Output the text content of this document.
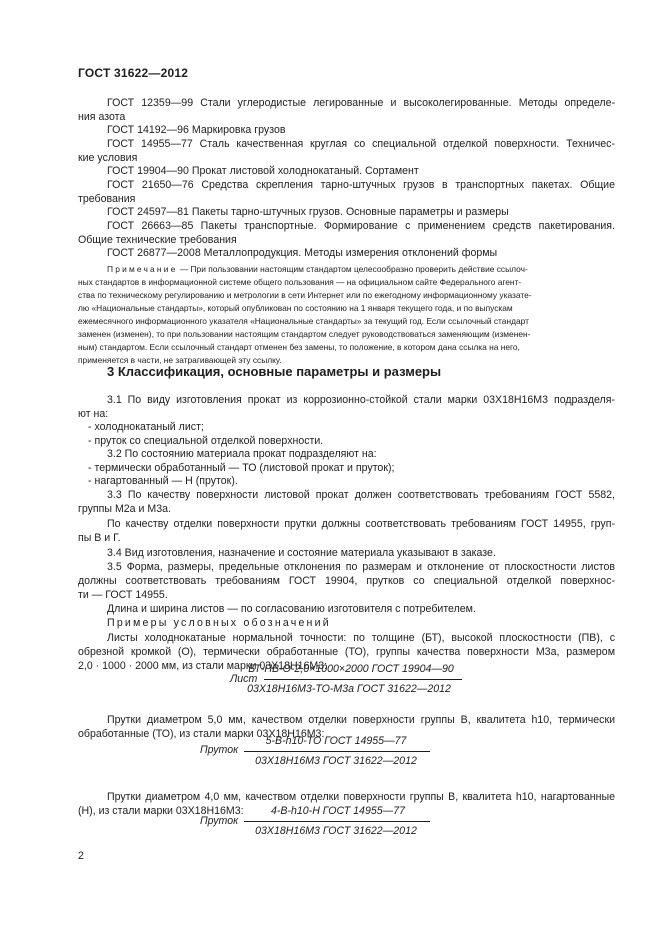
ГОСТ 31622—2012
ГОСТ 12359—99 Стали углеродистые легированные и высоколегированные. Методы определе-
ния азота
ГОСТ 14192—96 Маркировка грузов
ГОСТ 14955—77 Сталь качественная круглая со специальной отделкой поверхности. Техничес-
кие условия
ГОСТ 19904—90 Прокат листовой холоднокатаный. Сортамент
ГОСТ 21650—76 Средства скрепления тарно-штучных грузов в транспортных пакетах. Общие
требования
ГОСТ 24597—81 Пакеты тарно-штучных грузов. Основные параметры и размеры
ГОСТ 26663—85 Пакеты транспортные. Формирование с применением средств пакетирования.
Общие технические требования
ГОСТ 26877—2008 Металлопродукция. Методы измерения отклонений формы
Примечание — При пользовании настоящим стандартом целесообразно проверить действие ссылоч-
ных стандартов в информационной системе общего пользования — на официальном сайте Федерального агент-
ства по техническому регулированию и метрологии в сети Интернет или по ежегодному информационному указате-
лю «Национальные стандарты», который опубликован по состоянию на 1 января текущего года, и по выпускам
ежемесячного информационного указателя «Национальные стандарты» за текущий год. Если ссылочный стандарт
заменен (изменен), то при пользовании настоящим стандартом следует руководствоваться заменяющим (изменен-
ным) стандартом. Если ссылочный стандарт отменен без замены, то положение, в котором дана ссылка на него,
применяется в части, не затрагивающей эту ссылку.
3 Классификация, основные параметры и размеры
3.1 По виду изготовления прокат из коррозионно-стойкой стали марки 03Х18Н16М3 подразделя-
ют на:
- холоднокатаный лист;
- пруток со специальной отделкой поверхности.
3.2 По состоянию материала прокат подразделяют на:
- термически обработанный — ТО (листовой прокат и пруток);
- нагартованный — Н (пруток).
3.3 По качеству поверхности листовой прокат должен соответствовать требованиям ГОСТ 5582,
группы М2а и М3а.
По качеству отделки поверхности прутки должны соответствовать требованиям ГОСТ 14955, груп-
пы В и Г.
3.4 Вид изготовления, назначение и состояние материала указывают в заказе.
3.5 Форма, размеры, предельные отклонения по размерам и отклонение от плоскостности листов
должны соответствовать требованиям ГОСТ 19904, прутков со специальной отделкой поверхнос-
ти — ГОСТ 14955.
Длина и ширина листов — по согласованию изготовителя с потребителем.
Примеры условных обозначений
Листы холоднокатаные нормальной точности: по толщине (БТ), высокой плоскостности (ПВ), с
обрезной кромкой (О), термически обработанные (ТО), группы качества поверхности М3а, размером
2,0 · 1000 · 2000 мм, из стали марки 03Х18Н16М3:
Прутки диаметром 5,0 мм, качеством отделки поверхности группы В, квалитета h10, термически
обработанные (ТО), из стали марки 03Х18Н16М3:
Прутки диаметром 4,0 мм, качеством отделки поверхности группы В, квалитета h10, нагартованные
(Н), из стали марки 03Х18Н16М3:
Лист
БТ-ПВ-О-2,0×1000×2000 ГОСТ 19904—90
03Х18Н16М3-ТО-М3а ГОСТ 31622—2012
Пруток
5-В-h10-ТО ГОСТ 14955—77
03Х18Н16М3 ГОСТ 31622—2012
Пруток
4-В-h10-Н ГОСТ 14955—77
03Х18Н16М3 ГОСТ 31622—2012
2
